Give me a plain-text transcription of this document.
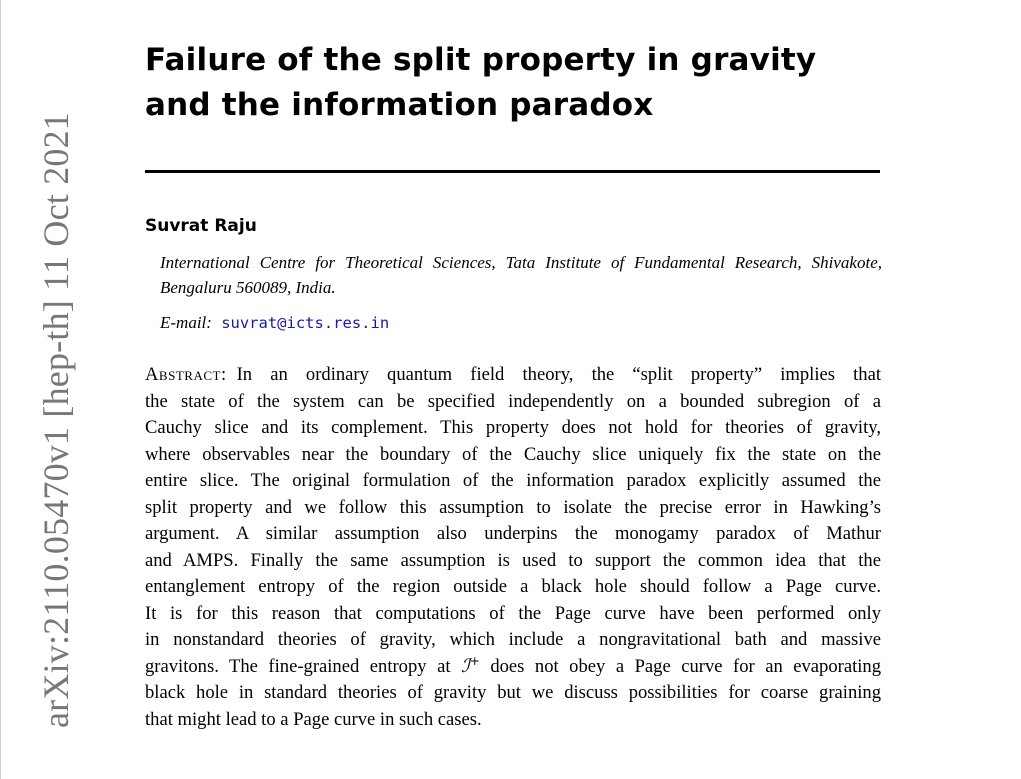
arXiv:2110.05470v1 [hep-th] 11 Oct 2021
Failure of the split property in gravity and the information paradox
Suvrat Raju
International Centre for Theoretical Sciences, Tata Institute of Fundamental Research, Shivakote, Bengaluru 560089, India.
E-mail: suvrat@icts.res.in
Abstract: In an ordinary quantum field theory, the “split property” implies that
the state of the system can be specified independently on a bounded subregion of a
Cauchy slice and its complement. This property does not hold for theories of gravity,
where observables near the boundary of the Cauchy slice uniquely fix the state on the
entire slice. The original formulation of the information paradox explicitly assumed the
split property and we follow this assumption to isolate the precise error in Hawking’s
argument. A similar assumption also underpins the monogamy paradox of Mathur
and AMPS. Finally the same assumption is used to support the common idea that the
entanglement entropy of the region outside a black hole should follow a Page curve.
It is for this reason that computations of the Page curve have been performed only
in nonstandard theories of gravity, which include a nongravitational bath and massive
gravitons. The fine-grained entropy at ℐ+ does not obey a Page curve for an evaporating
black hole in standard theories of gravity but we discuss possibilities for coarse graining
that might lead to a Page curve in such cases.
